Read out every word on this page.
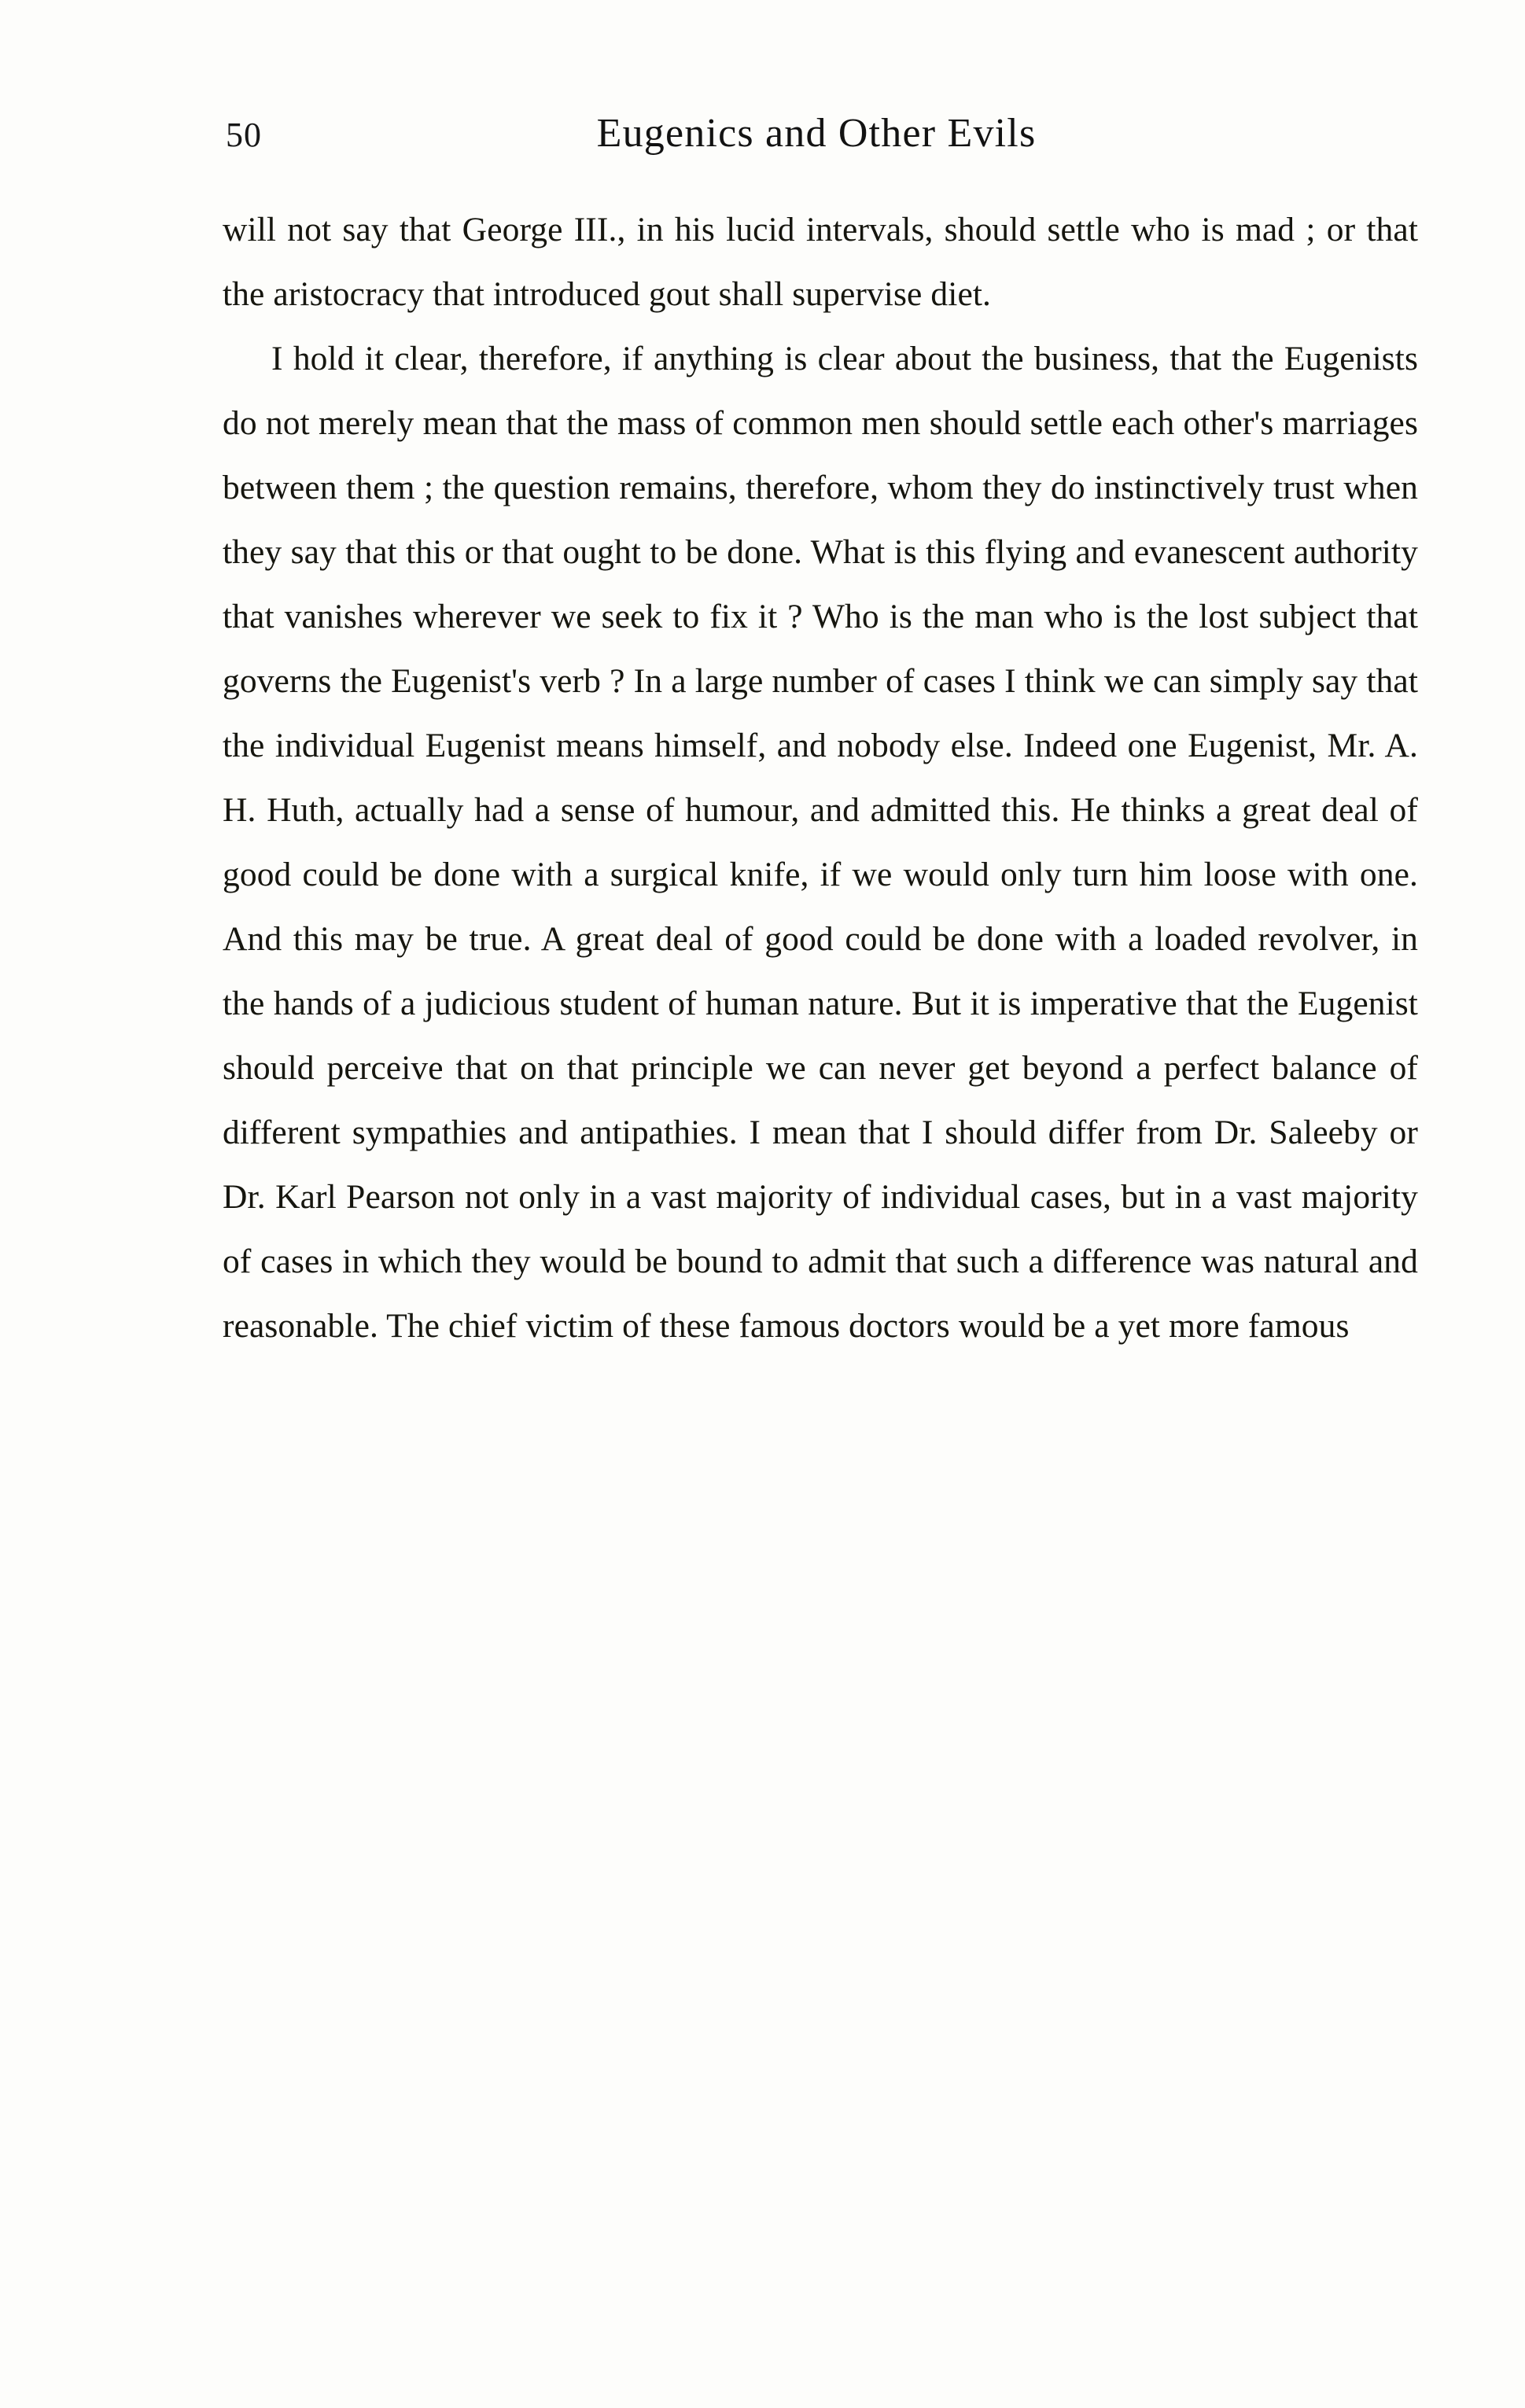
50	Eugenics and Other Evils

will not say that George III., in his lucid intervals, should settle who is mad ; or that the aristocracy that introduced gout shall supervise diet.

I hold it clear, therefore, if anything is clear about the business, that the Eugenists do not merely mean that the mass of common men should settle each other's marriages between them ; the question remains, therefore, whom they do instinctively trust when they say that this or that ought to be done. What is this flying and evanescent authority that vanishes wherever we seek to fix it ? Who is the man who is the lost subject that governs the Eugenist's verb ? In a large number of cases I think we can simply say that the individual Eugenist means himself, and nobody else. Indeed one Eugenist, Mr. A. H. Huth, actually had a sense of humour, and admitted this. He thinks a great deal of good could be done with a surgical knife, if we would only turn him loose with one. And this may be true. A great deal of good could be done with a loaded revolver, in the hands of a judicious student of human nature. But it is imperative that the Eugenist should perceive that on that principle we can never get beyond a perfect balance of different sympathies and antipathies. I mean that I should differ from Dr. Saleeby or Dr. Karl Pearson not only in a vast majority of individual cases, but in a vast majority of cases in which they would be bound to admit that such a difference was natural and reasonable. The chief victim of these famous doctors would be a yet more famous
